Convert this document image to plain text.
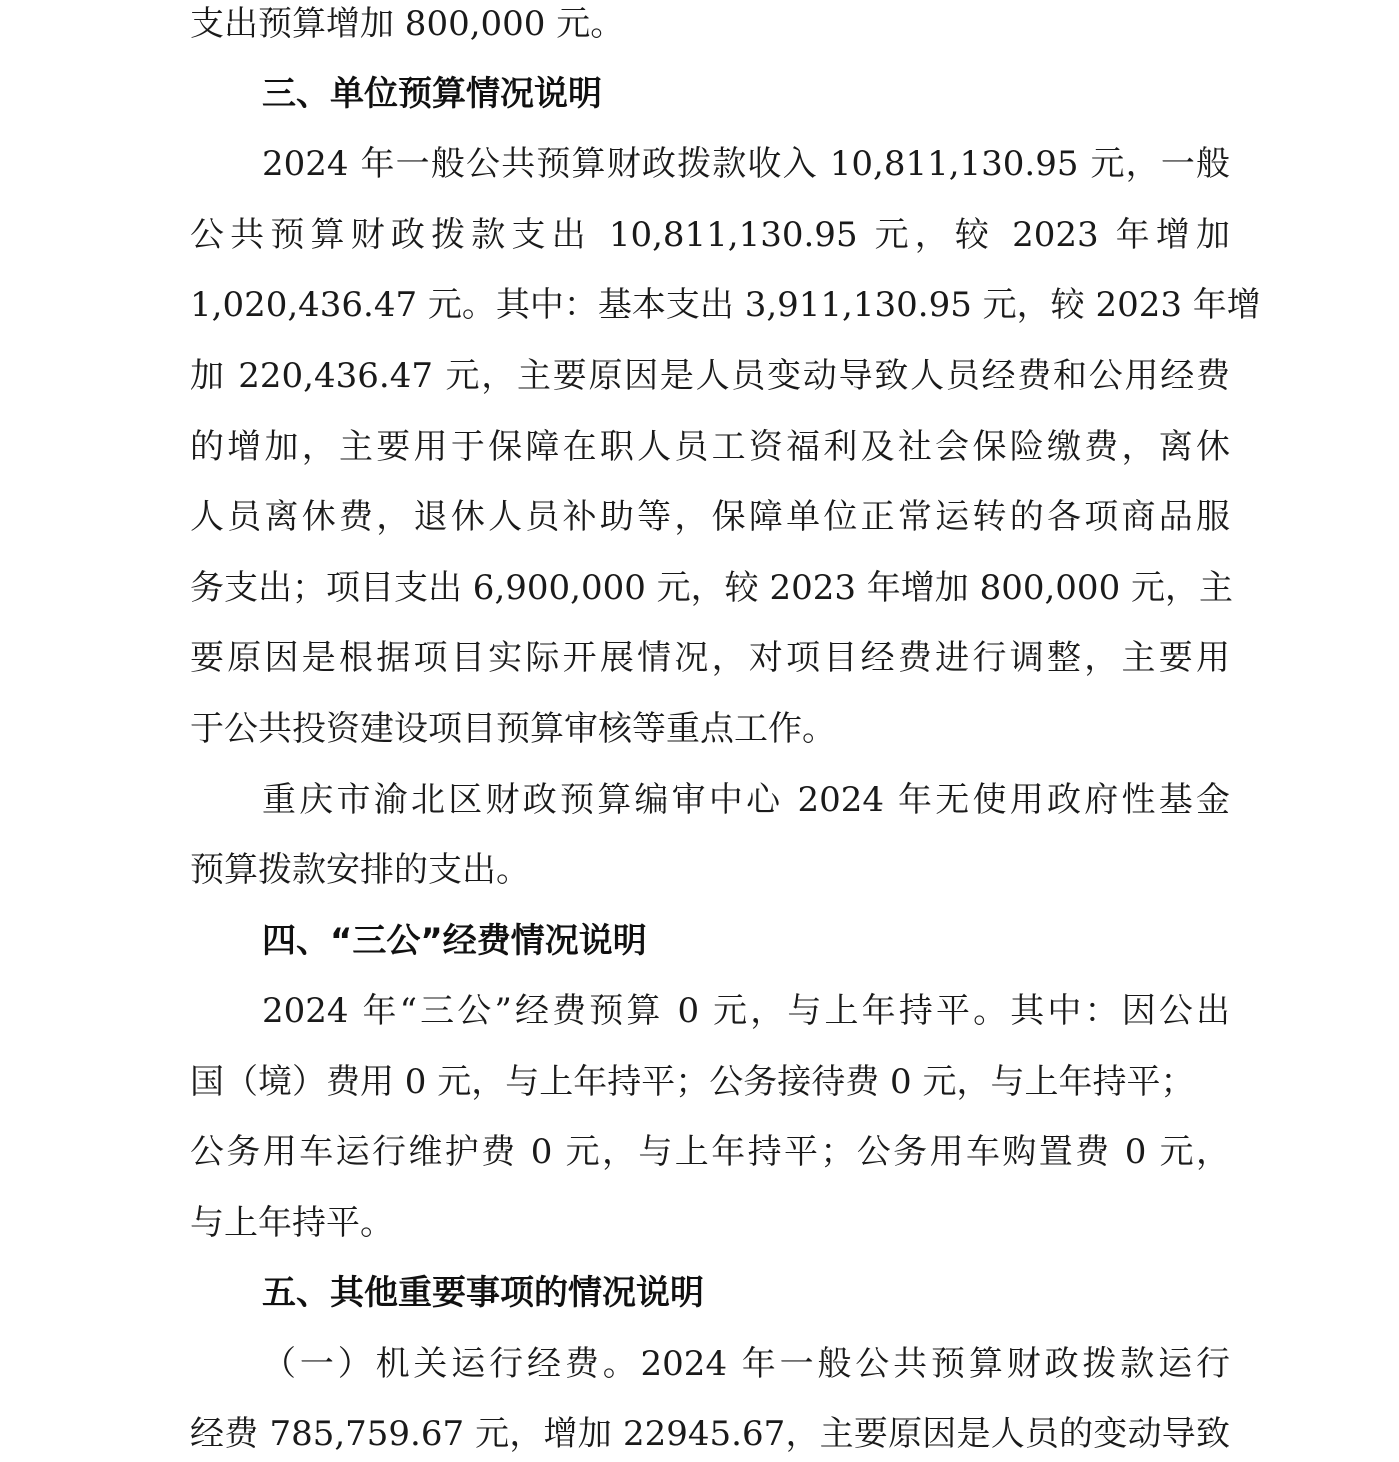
支出预算增加 800,000 元。
三、单位预算情况说明
2024 年一般公共预算财政拨款收入 10,811,130.95 元，一般
公共预算财政拨款支出 10,811,130.95 元，较 2023 年增加
1,020,436.47 元。其中：基本支出 3,911,130.95 元，较 2023 年增
加 220,436.47 元，主要原因是人员变动导致人员经费和公用经费
的增加，主要用于保障在职人员工资福利及社会保险缴费，离休
人员离休费，退休人员补助等，保障单位正常运转的各项商品服
务支出；项目支出 6,900,000 元，较 2023 年增加 800,000 元，主
要原因是根据项目实际开展情况，对项目经费进行调整，主要用
于公共投资建设项目预算审核等重点工作。
重庆市渝北区财政预算编审中心 2024 年无使用政府性基金
预算拨款安排的支出。
四、“三公”经费情况说明
2024 年“三公”经费预算 0 元，与上年持平。其中：因公出
国（境）费用 0 元，与上年持平；公务接待费 0 元，与上年持平；
公务用车运行维护费 0 元，与上年持平；公务用车购置费 0 元，
与上年持平。
五、其他重要事项的情况说明
（一）机关运行经费。2024 年一般公共预算财政拨款运行
经费 785,759.67 元，增加 22945.67，主要原因是人员的变动导致
